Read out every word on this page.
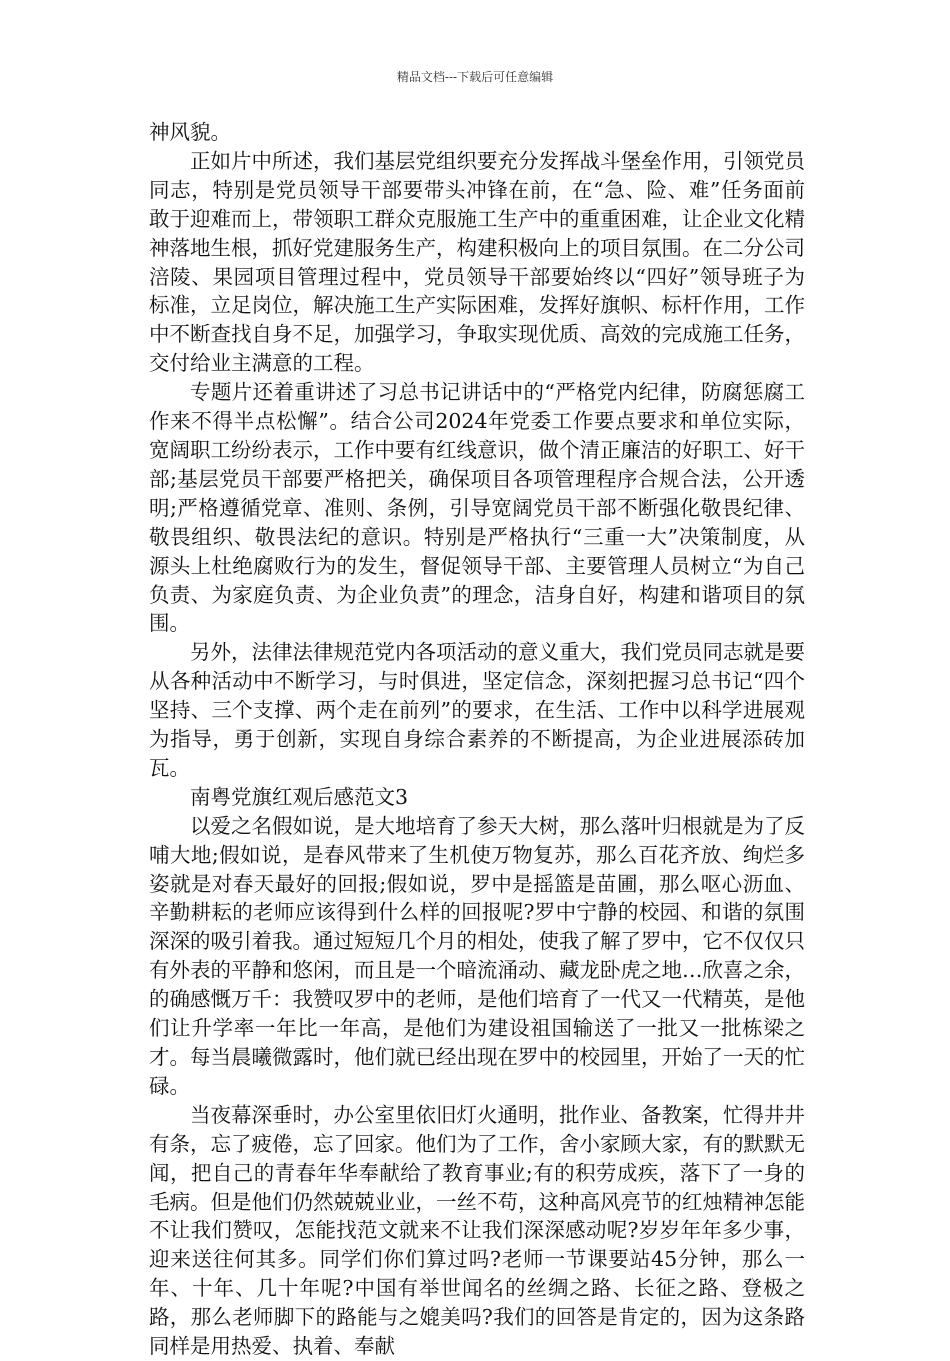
精品文档---下载后可任意编辑

神风貌。

正如片中所述，我们基层党组织要充分发挥战斗堡垒作用，引领党员同志，特别是党员领导干部要带头冲锋在前，在“急、险、难”任务面前敢于迎难而上，带领职工群众克服施工生产中的重重困难，让企业文化精神落地生根，抓好党建服务生产，构建积极向上的项目氛围。在二分公司涪陵、果园项目管理过程中，党员领导干部要始终以“四好”领导班子为标准，立足岗位，解决施工生产实际困难，发挥好旗帜、标杆作用，工作中不断查找自身不足，加强学习，争取实现优质、高效的完成施工任务，交付给业主满意的工程。

专题片还着重讲述了习总书记讲话中的“严格党内纪律，防腐惩腐工作来不得半点松懈”。结合公司2024年党委工作要点要求和单位实际，宽阔职工纷纷表示，工作中要有红线意识，做个清正廉洁的好职工、好干部;基层党员干部要严格把关，确保项目各项管理程序合规合法，公开透明;严格遵循党章、准则、条例，引导宽阔党员干部不断强化敬畏纪律、敬畏组织、敬畏法纪的意识。特别是严格执行“三重一大”决策制度，从源头上杜绝腐败行为的发生，督促领导干部、主要管理人员树立“为自己负责、为家庭负责、为企业负责”的理念，洁身自好，构建和谐项目的氛围。

另外，法律法律规范党内各项活动的意义重大，我们党员同志就是要从各种活动中不断学习，与时俱进，坚定信念，深刻把握习总书记“四个坚持、三个支撑、两个走在前列”的要求，在生活、工作中以科学进展观为指导，勇于创新，实现自身综合素养的不断提高，为企业进展添砖加瓦。

南粤党旗红观后感范文3

以爱之名假如说，是大地培育了参天大树，那么落叶归根就是为了反哺大地;假如说，是春风带来了生机使万物复苏，那么百花齐放、绚烂多姿就是对春天最好的回报;假如说，罗中是摇篮是苗圃，那么呕心沥血、辛勤耕耘的老师应该得到什么样的回报呢?罗中宁静的校园、和谐的氛围深深的吸引着我。通过短短几个月的相处，使我了解了罗中，它不仅仅只有外表的平静和悠闲，而且是一个暗流涌动、藏龙卧虎之地…欣喜之余，的确感慨万千：我赞叹罗中的老师，是他们培育了一代又一代精英，是他们让升学率一年比一年高，是他们为建设祖国输送了一批又一批栋梁之才。每当晨曦微露时，他们就已经出现在罗中的校园里，开始了一天的忙碌。

当夜幕深垂时，办公室里依旧灯火通明，批作业、备教案，忙得井井有条，忘了疲倦，忘了回家。他们为了工作，舍小家顾大家，有的默默无闻，把自己的青春年华奉献给了教育事业;有的积劳成疾，落下了一身的毛病。但是他们仍然兢兢业业，一丝不苟，这种高风亮节的红烛精神怎能不让我们赞叹，怎能找范文就来不让我们深深感动呢?岁岁年年多少事，迎来送往何其多。同学们你们算过吗?老师一节课要站45分钟，那么一年、十年、几十年呢?中国有举世闻名的丝绸之路、长征之路、登极之路，那么老师脚下的路能与之媲美吗?我们的回答是肯定的，因为这条路同样是用热爱、执着、奉献
